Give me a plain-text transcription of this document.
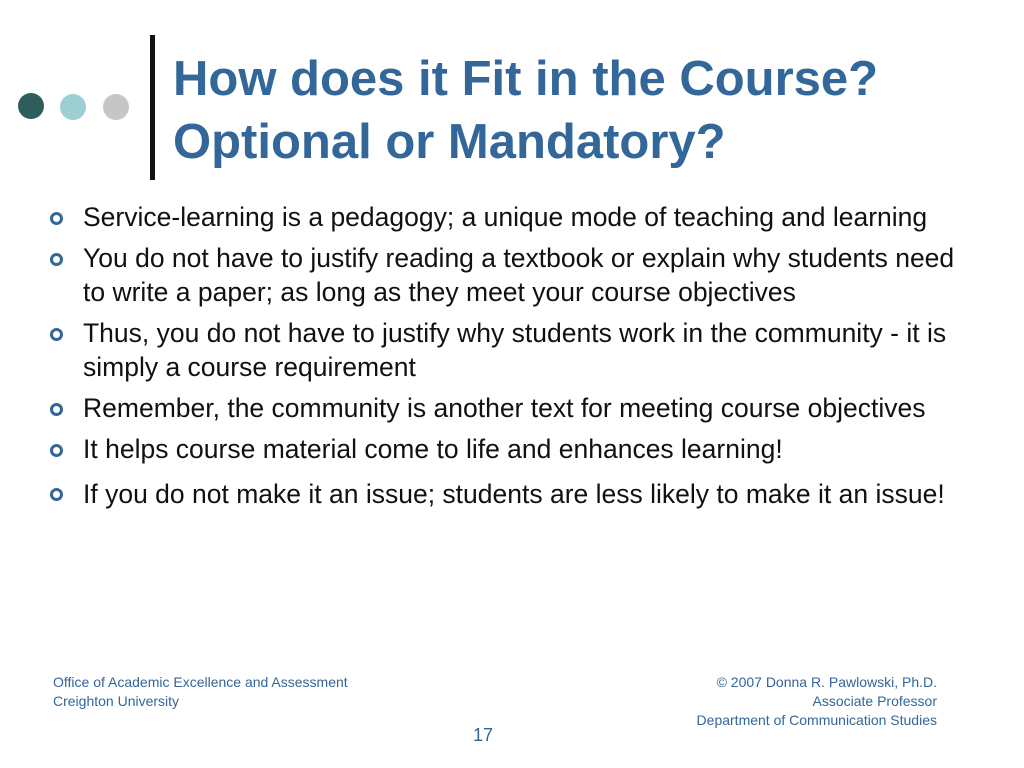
How does it Fit in the Course?
Optional or Mandatory?
Service-learning is a pedagogy; a unique mode of teaching and learning
You do not have to justify reading a textbook or explain why students need to write a paper; as long as they meet your course objectives
Thus, you do not have to justify why students work in the community - it is simply a course requirement
Remember, the community is another text for meeting course objectives
It helps course material come to life and enhances learning!
If you do not make it an issue; students are less likely to make it an issue!
Office of Academic Excellence and Assessment
Creighton University
© 2007 Donna R. Pawlowski, Ph.D.
Associate Professor
Department of Communication Studies
17
